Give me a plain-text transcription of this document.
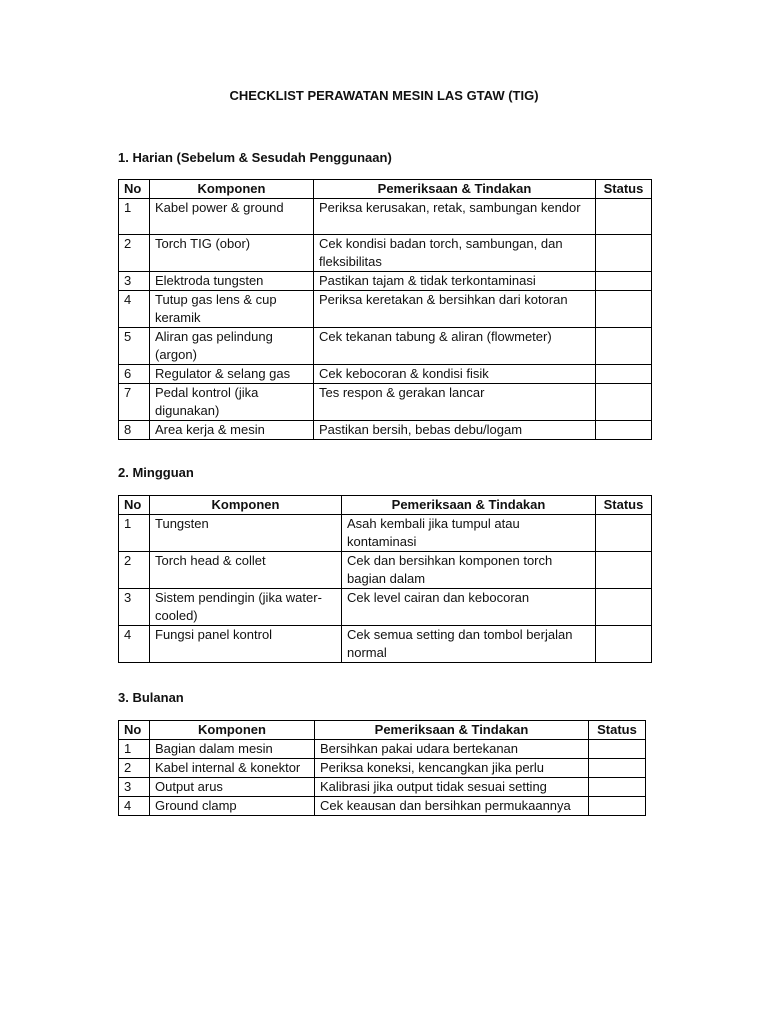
CHECKLIST PERAWATAN MESIN LAS GTAW (TIG)
1. Harian (Sebelum & Sesudah Penggunaan)
No	Komponen	Pemeriksaan & Tindakan	Status
1	Kabel power & ground	Periksa kerusakan, retak, sambungan kendor	
2	Torch TIG (obor)	Cek kondisi badan torch, sambungan, dan fleksibilitas	
3	Elektroda tungsten	Pastikan tajam & tidak terkontaminasi	
4	Tutup gas lens & cup keramik	Periksa keretakan & bersihkan dari kotoran	
5	Aliran gas pelindung (argon)	Cek tekanan tabung & aliran (flowmeter)	
6	Regulator & selang gas	Cek kebocoran & kondisi fisik	
7	Pedal kontrol (jika digunakan)	Tes respon & gerakan lancar	
8	Area kerja & mesin	Pastikan bersih, bebas debu/logam	
2. Mingguan
No	Komponen	Pemeriksaan & Tindakan	Status
1	Tungsten	Asah kembali jika tumpul atau kontaminasi	
2	Torch head & collet	Cek dan bersihkan komponen torch bagian dalam	
3	Sistem pendingin (jika water-cooled)	Cek level cairan dan kebocoran	
4	Fungsi panel kontrol	Cek semua setting dan tombol berjalan normal	
3. Bulanan
No	Komponen	Pemeriksaan & Tindakan	Status
1	Bagian dalam mesin	Bersihkan pakai udara bertekanan	
2	Kabel internal & konektor	Periksa koneksi, kencangkan jika perlu	
3	Output arus	Kalibrasi jika output tidak sesuai setting	
4	Ground clamp	Cek keausan dan bersihkan permukaannya	
